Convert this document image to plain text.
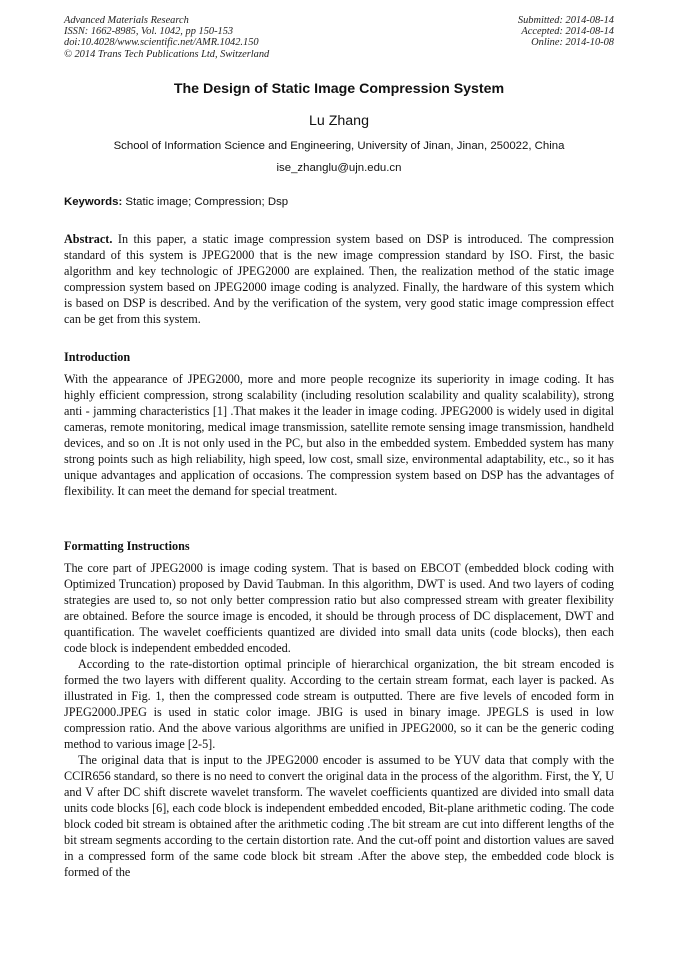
Advanced Materials Research
ISSN: 1662-8985, Vol. 1042, pp 150-153
doi:10.4028/www.scientific.net/AMR.1042.150
© 2014 Trans Tech Publications Ltd, Switzerland
Submitted: 2014-08-14
Accepted: 2014-08-14
Online: 2014-10-08
The Design of Static Image Compression System
Lu Zhang
School of Information Science and Engineering, University of Jinan, Jinan, 250022, China
ise_zhanglu@ujn.edu.cn
Keywords: Static image; Compression; Dsp
Abstract. In this paper, a static image compression system based on DSP is introduced. The compression standard of this system is JPEG2000 that is the new image compression standard by ISO. First, the basic algorithm and key technologic of JPEG2000 are explained. Then, the realization method of the static image compression system based on JPEG2000 image coding is analyzed. Finally, the hardware of this system which is based on DSP is described. And by the verification of the system, very good static image compression effect can be get from this system.
Introduction
With the appearance of JPEG2000, more and more people recognize its superiority in image coding. It has highly efficient compression, strong scalability (including resolution scalability and quality scalability), strong anti - jamming characteristics [1] .That makes it the leader in image coding. JPEG2000 is widely used in digital cameras, remote monitoring, medical image transmission, satellite remote sensing image transmission, handheld devices, and so on .It is not only used in the PC, but also in the embedded system. Embedded system has many strong points such as high reliability, high speed, low cost, small size, environmental adaptability, etc., so it has unique advantages and application of occasions. The compression system based on DSP has the advantages of flexibility. It can meet the demand for special treatment.
Formatting Instructions

The core part of JPEG2000 is image coding system. That is based on EBCOT (embedded block coding with Optimized Truncation) proposed by David Taubman. In this algorithm, DWT is used. And two layers of coding strategies are used to, so not only better compression ratio but also compressed stream with greater flexibility are obtained. Before the source image is encoded, it should be through process of DC displacement, DWT and quantification. The wavelet coefficients quantized are divided into small data units (code blocks), then each code block is independent embedded encoded.

According to the rate-distortion optimal principle of hierarchical organization, the bit stream encoded is formed the two layers with different quality. According to the certain stream format, each layer is packed. As illustrated in Fig. 1, then the compressed code stream is outputted. There are five levels of encoded form in JPEG2000.JPEG is used in static color image. JBIG is used in binary image. JPEGLS is used in low compression ratio. And the above various algorithms are unified in JPEG2000, so it can be the generic coding method to various image [2-5].

The original data that is input to the JPEG2000 encoder is assumed to be YUV data that comply with the CCIR656 standard, so there is no need to convert the original data in the process of the algorithm. First, the Y, U and V after DC shift discrete wavelet transform. The wavelet coefficients quantized are divided into small data units code blocks [6], each code block is independent embedded encoded, Bit-plane arithmetic coding. The code block coded bit stream is obtained after the arithmetic coding .The bit stream are cut into different lengths of the bit stream segments according to the certain distortion rate. And the cut-off point and distortion values are saved in a compressed form of the same code block bit stream .After the above step, the embedded code block is formed of the
